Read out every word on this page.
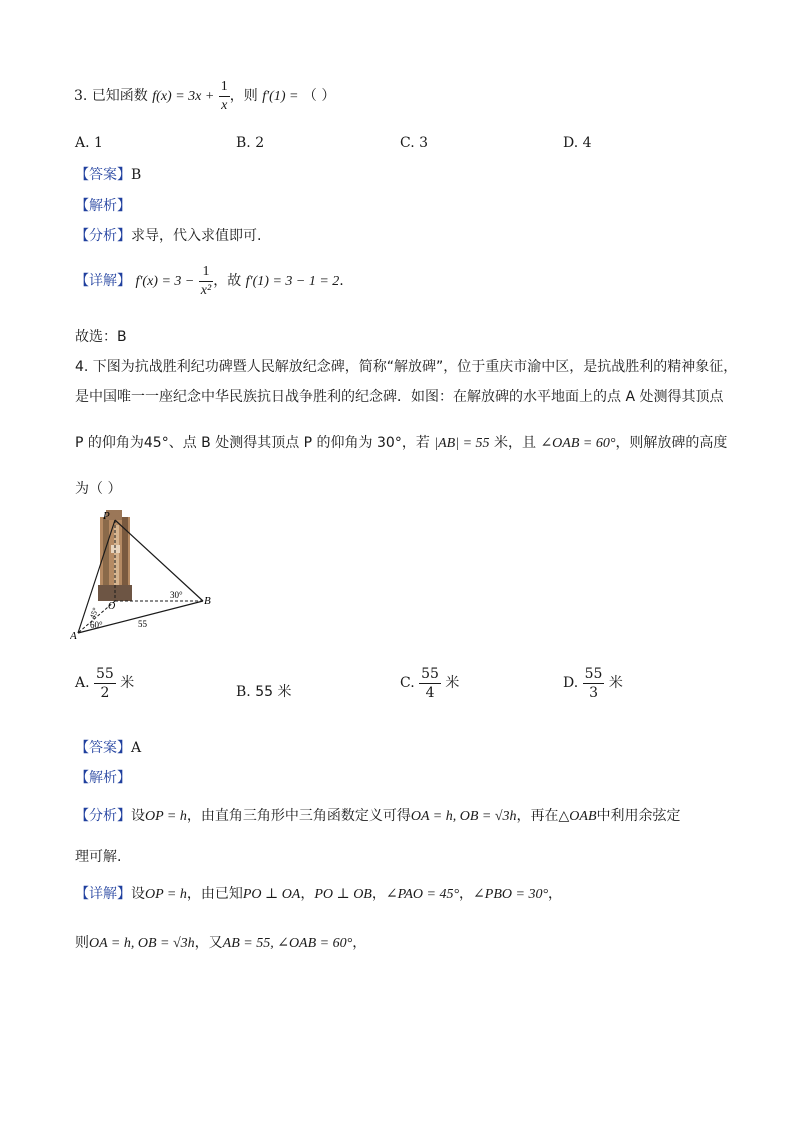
3. 已知函数 $f(x) = 3x + \frac{1}{x}$ ，则 f′(1) = （ ）
A. 1	B. 2	C. 3	D. 4
【答案】B
【解析】
【分析】求导，代入求值即可.
【详解】 $f'(x) = 3 - \frac{1}{\text{x²}}$ ，故 f′(1) = 3 − 1 = 2.
故选：B
4. 下图为抗战胜利纪功碑暨人民解放纪念碑，简称“解放碑”，位于重庆市渝中区，是抗战胜利的精神象征，
是中国唯一一座纪念中华民族抗日战争胜利的纪念碑．如图：在解放碑的水平地面上的点 A 处测得其顶点
P 的仰角为45°、点 B 处测得其顶点 P 的仰角为 30°，若 |AB| = 55 米，且 ∠OAB = 60°，则解放碑的高度
为（ ）
P
O
A
B
30°
60°
45°
55
A. $\frac{55}{2}$ 米
B. 55 米
C. $\frac{55}{4}$ 米	D. $\frac{55}{3}$ 米
【答案】A
【解析】
【分析】设OP = h，由直角三角形中三角函数定义可得OA = h, OB = √3h，再在△OAB中利用余弦定
理可解.
【详解】设OP = h，由已知PO ⊥ OA，PO ⊥ OB，∠PAO = 45°，∠PBO = 30°，
则OA = h, OB = √3h，又AB = 55, ∠OAB = 60°，
